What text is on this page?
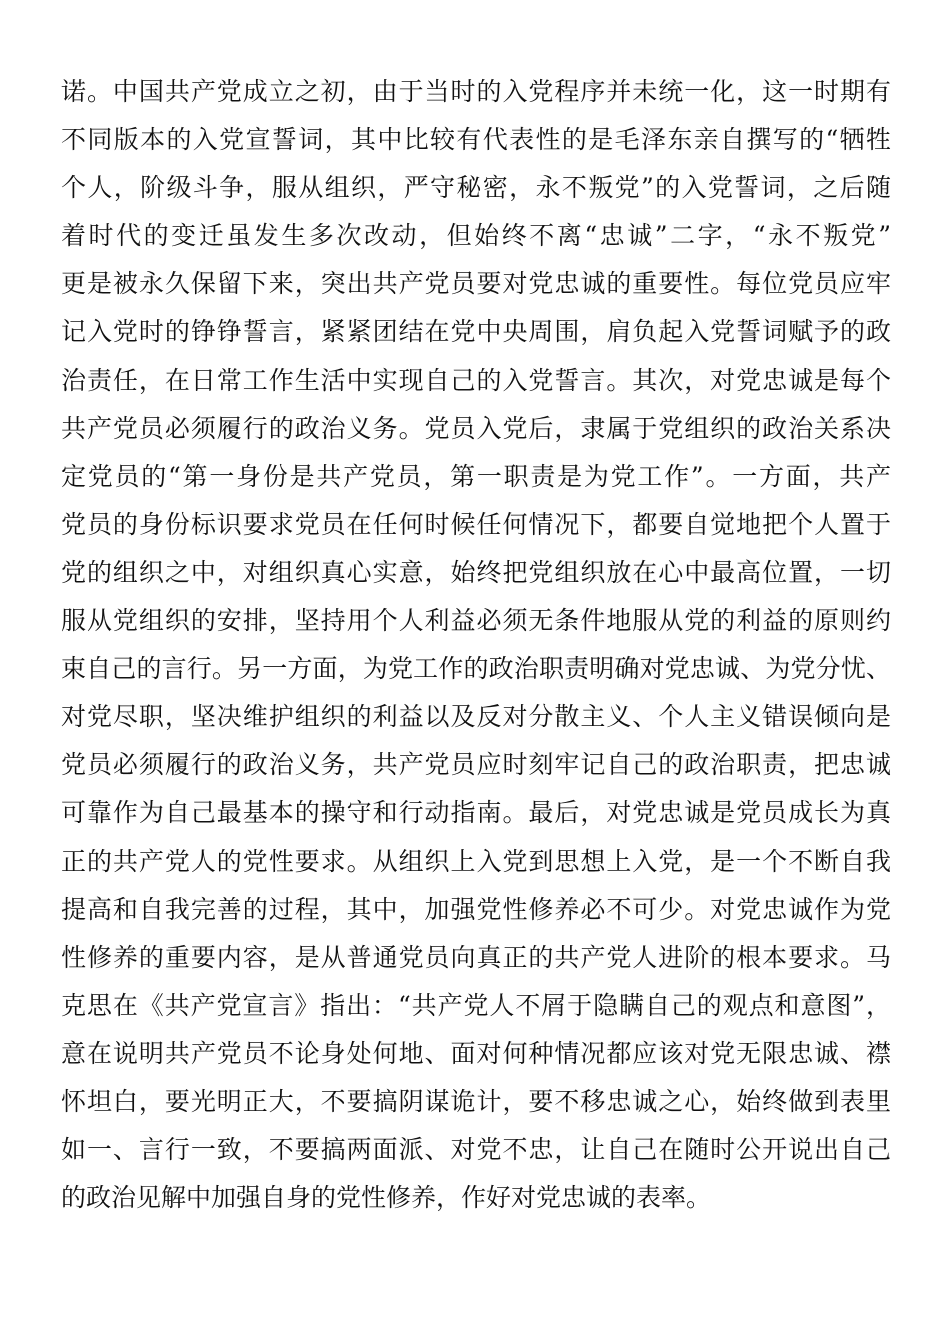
诺。中国共产党成立之初，由于当时的入党程序并未统一化，这一时期有
不同版本的入党宣誓词，其中比较有代表性的是毛泽东亲自撰写的“牺牲
个人，阶级斗争，服从组织，严守秘密，永不叛党”的入党誓词，之后随
着时代的变迁虽发生多次改动，但始终不离“忠诚”二字，“永不叛党”
更是被永久保留下来，突出共产党员要对党忠诚的重要性。每位党员应牢
记入党时的铮铮誓言，紧紧团结在党中央周围，肩负起入党誓词赋予的政
治责任，在日常工作生活中实现自己的入党誓言。其次，对党忠诚是每个
共产党员必须履行的政治义务。党员入党后，隶属于党组织的政治关系决
定党员的“第一身份是共产党员，第一职责是为党工作”。一方面，共产
党员的身份标识要求党员在任何时候任何情况下，都要自觉地把个人置于
党的组织之中，对组织真心实意，始终把党组织放在心中最高位置，一切
服从党组织的安排，坚持用个人利益必须无条件地服从党的利益的原则约
束自己的言行。另一方面，为党工作的政治职责明确对党忠诚、为党分忧、
对党尽职，坚决维护组织的利益以及反对分散主义、个人主义错误倾向是
党员必须履行的政治义务，共产党员应时刻牢记自己的政治职责，把忠诚
可靠作为自己最基本的操守和行动指南。最后，对党忠诚是党员成长为真
正的共产党人的党性要求。从组织上入党到思想上入党，是一个不断自我
提高和自我完善的过程，其中，加强党性修养必不可少。对党忠诚作为党
性修养的重要内容，是从普通党员向真正的共产党人进阶的根本要求。马
克思在《共产党宣言》指出：“共产党人不屑于隐瞒自己的观点和意图”，
意在说明共产党员不论身处何地、面对何种情况都应该对党无限忠诚、襟
怀坦白，要光明正大，不要搞阴谋诡计，要不移忠诚之心，始终做到表里
如一、言行一致，不要搞两面派、对党不忠，让自己在随时公开说出自己
的政治见解中加强自身的党性修养，作好对党忠诚的表率。
